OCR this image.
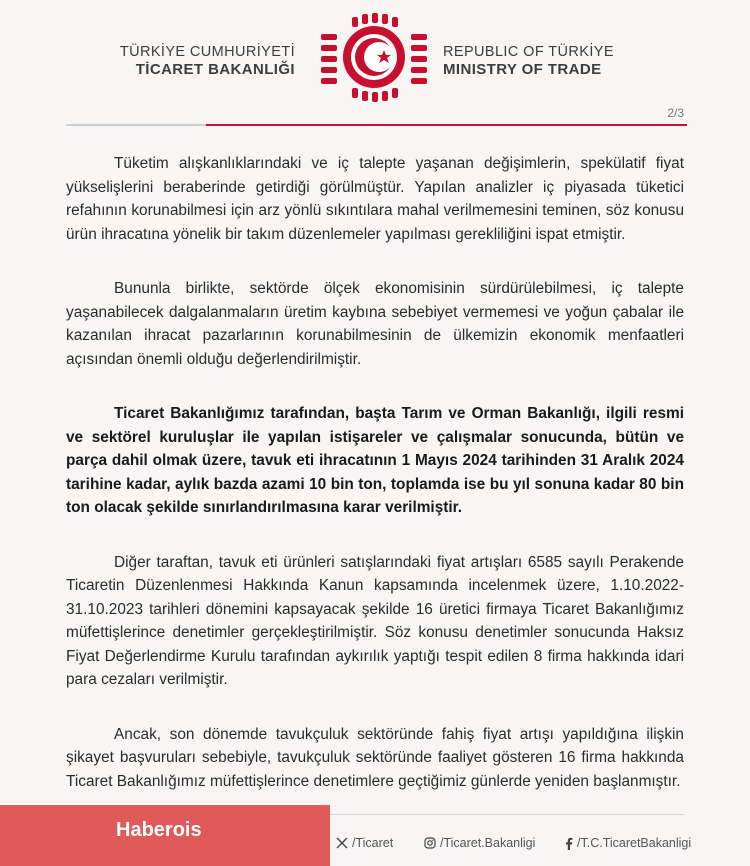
TÜRKİYE CUMHURİYETİ
TİCARET BAKANLIĞI
REPUBLIC OF TÜRKİYE
MINISTRY OF TRADE
2/3

Tüketim alışkanlıklarındaki ve iç talepte yaşanan değişimlerin, spekülatif fiyat yükselişlerini beraberinde getirdiği görülmüştür. Yapılan analizler iç piyasada tüketici refahının korunabilmesi için arz yönlü sıkıntılara mahal verilmemesini teminen, söz konusu ürün ihracatına yönelik bir takım düzenlemeler yapılması gerekliliğini ispat etmiştir.

Bununla birlikte, sektörde ölçek ekonomisinin sürdürülebilmesi, iç talepte yaşanabilecek dalgalanmaların üretim kaybına sebebiyet vermemesi ve yoğun çabalar ile kazanılan ihracat pazarlarının korunabilmesinin de ülkemizin ekonomik menfaatleri açısından önemli olduğu değerlendirilmiştir.

Ticaret Bakanlığımız tarafından, başta Tarım ve Orman Bakanlığı, ilgili resmi ve sektörel kuruluşlar ile yapılan istişareler ve çalışmalar sonucunda, bütün ve parça dahil olmak üzere, tavuk eti ihracatının 1 Mayıs 2024 tarihinden 31 Aralık 2024 tarihine kadar, aylık bazda azami 10 bin ton, toplamda ise bu yıl sonuna kadar 80 bin ton olacak şekilde sınırlandırılmasına karar verilmiştir.

Diğer taraftan, tavuk eti ürünleri satışlarındaki fiyat artışları 6585 sayılı Perakende Ticaretin Düzenlenmesi Hakkında Kanun kapsamında incelenmek üzere, 1.10.2022-31.10.2023 tarihleri dönemini kapsayacak şekilde 16 üretici firmaya Ticaret Bakanlığımız müfettişlerince denetimler gerçekleştirilmiştir. Söz konusu denetimler sonucunda Haksız Fiyat Değerlendirme Kurulu tarafından aykırılık yaptığı tespit edilen 8 firma hakkında idari para cezaları verilmiştir.

Ancak, son dönemde tavukçuluk sektöründe fahiş fiyat artışı yapıldığına ilişkin şikayet başvuruları sebebiyle, tavukçuluk sektöründe faaliyet gösteren 16 firma hakkında Ticaret Bakanlığımız müfettişlerince denetimlere geçtiğimiz günlerde yeniden başlanmıştır.

/Ticaret	/Ticaret.Bakanligi	/T.C.TicaretBakanligi
Haberois
